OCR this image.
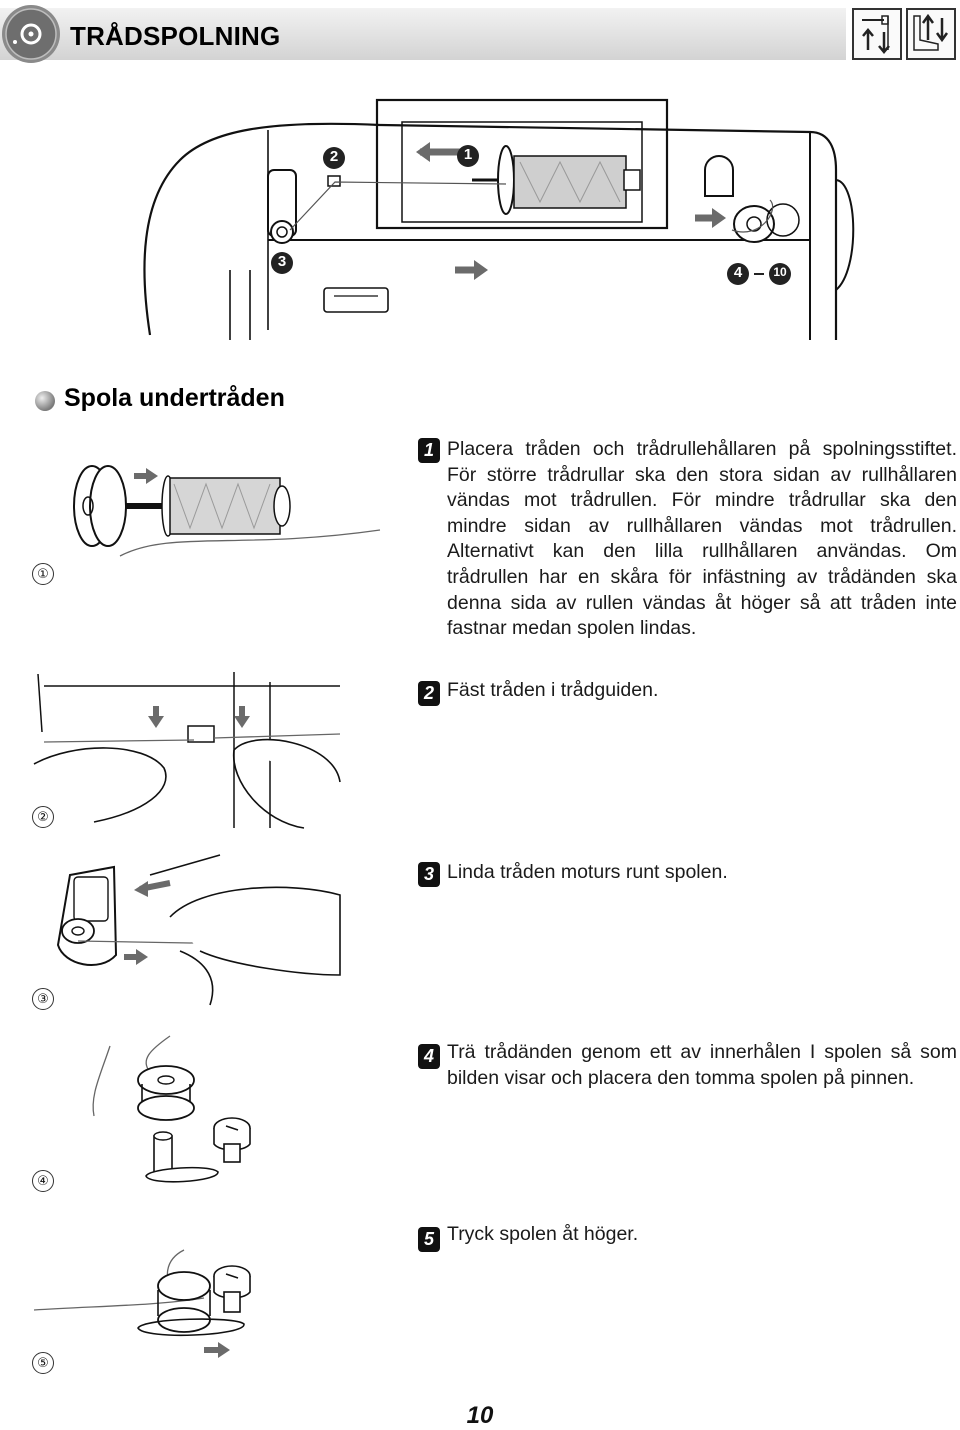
TRÅDSPOLNING
1
2
3
4	10
Spola undertråden
1 Placera tråden och trådrullehållaren på spolningsstiftet. För större trådrullar ska den stora sidan av rullhållaren vändas mot trådrullen. För mindre trådrullar ska den mindre sidan av rullhållaren vändas mot trådrullen. Alternativt kan den lilla rullhållaren användas. Om trådrullen har en skåra för infästning av trådänden ska denna sida av rullen vändas åt höger så att tråden inte fastnar medan spolen lindas.
①
2 Fäst tråden i trådguiden.
②
3 Linda tråden moturs runt spolen.
③
4 Trä trådänden genom ett av innerhålen I spolen så som bilden visar och placera den tomma spolen på pinnen.
④
5 Tryck spolen åt höger.
⑤
10
